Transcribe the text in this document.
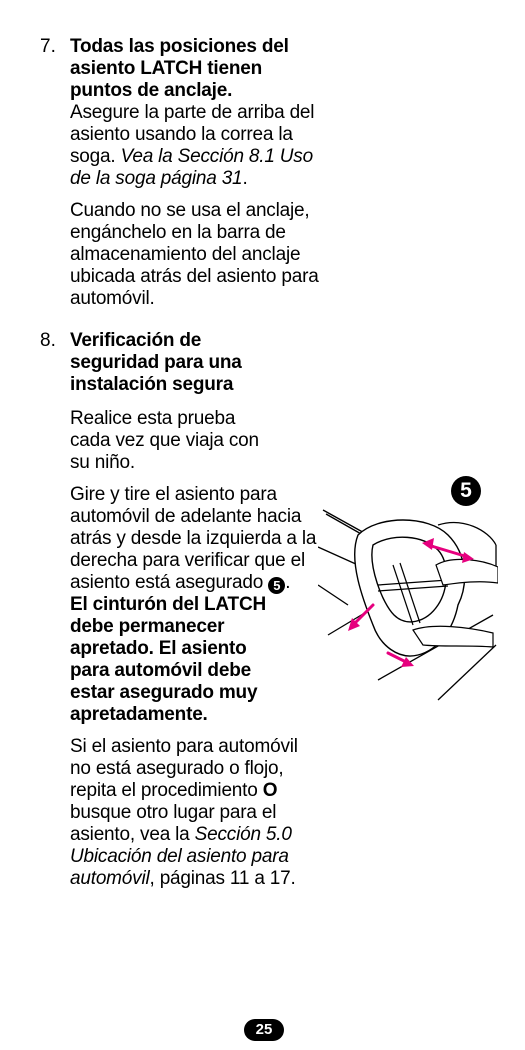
7. Todas las posiciones del asiento LATCH tienen puntos de anclaje.
Asegure la parte de arriba del asiento usando la correa la soga. Vea la Sección 8.1 Uso de la soga página 31.
Cuando no se usa el anclaje, engánchelo en la barra de almacenamiento del anclaje ubicada atrás del asiento para automóvil.
8. Verificación de seguridad para una instalación segura
Realice esta prueba cada vez que viaja con su niño.
Gire y tire el asiento para automóvil de adelante hacia atrás y desde la izquierda a la derecha para verificar que el asiento está asegurado 5 .
El cinturón del LATCH debe permanecer apretado. El asiento para automóvil debe estar asegurado muy apretadamente.
Si el asiento para automóvil no está asegurado o flojo, repita el procedimiento O busque otro lugar para el asiento, vea la Sección 5.0 Ubicación del asiento para automóvil, páginas 11 a 17.
5
25
